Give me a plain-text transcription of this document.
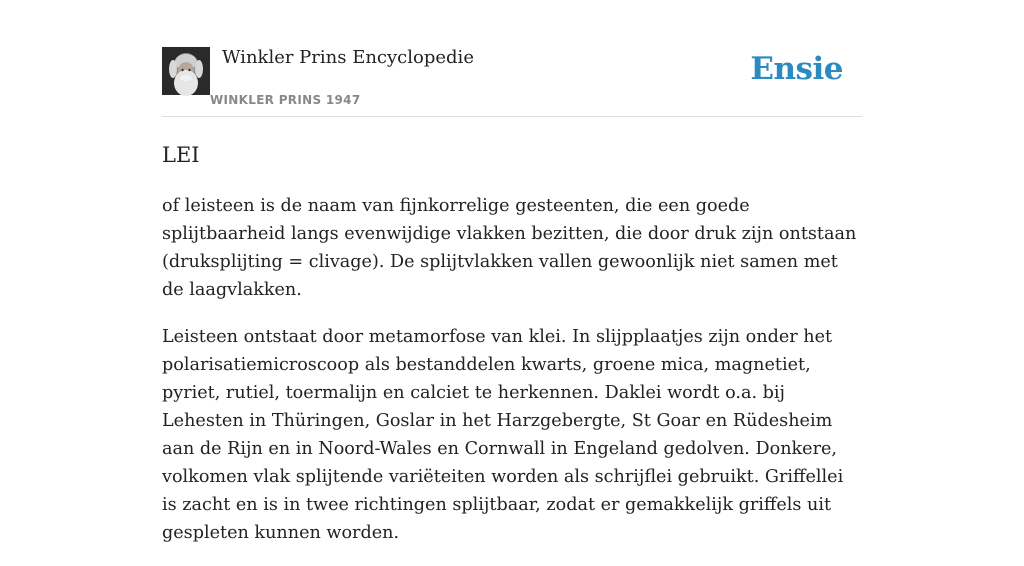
Winkler Prins Encyclopedie
WINKLER PRINS 1947
Ensie
LEI

of leisteen is de naam van fijnkorrelige gesteenten, die een goede splijtbaarheid langs evenwijdige vlakken bezitten, die door druk zijn ontstaan (druksplijting = clivage). De splijtvlakken vallen gewoonlijk niet samen met de laagvlakken.

Leisteen ontstaat door metamorfose van klei. In slijpplaatjes zijn onder het polarisatiemicroscoop als bestanddelen kwarts, groene mica, magnetiet, pyriet, rutiel, toermalijn en calciet te herkennen. Daklei wordt o.a. bij Lehesten in Thüringen, Goslar in het Harzgebergte, St Goar en Rüdesheim aan de Rijn en in Noord-Wales en Cornwall in Engeland gedolven. Donkere, volkomen vlak splijtende variëteiten worden als schrijflei gebruikt. Griffellei is zacht en is in twee richtingen splijtbaar, zodat er gemakkelijk griffels uit gespleten kunnen worden.
